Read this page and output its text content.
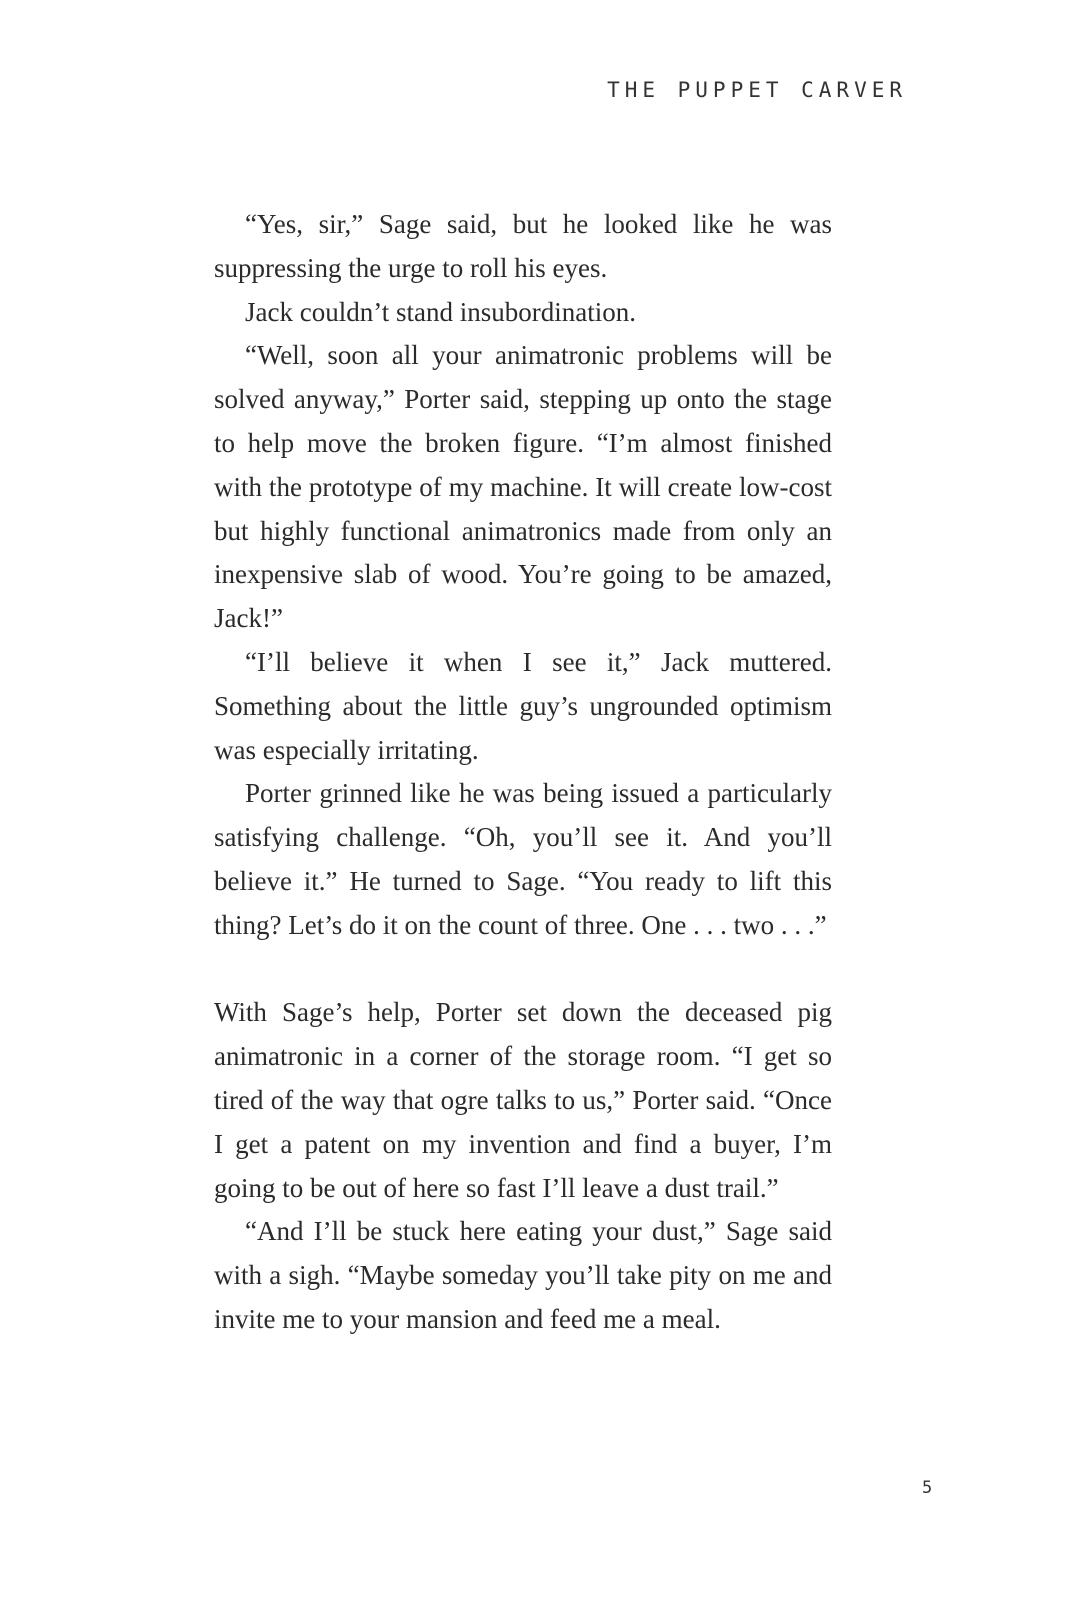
THE PUPPET CARVER

“Yes, sir,” Sage said, but he looked like he was suppressing the urge to roll his eyes.

Jack couldn’t stand insubordination.

“Well, soon all your animatronic problems will be solved anyway,” Porter said, stepping up onto the stage to help move the broken figure. “I’m almost finished with the prototype of my machine. It will create low-cost but highly functional animatronics made from only an inexpensive slab of wood. You’re going to be amazed, Jack!”

“I’ll believe it when I see it,” Jack muttered. Something about the little guy’s ungrounded optimism was especially irritating.

Porter grinned like he was being issued a particularly satisfying challenge. “Oh, you’ll see it. And you’ll believe it.” He turned to Sage. “You ready to lift this thing? Let’s do it on the count of three. One . . . two . . .”

With Sage’s help, Porter set down the deceased pig animatronic in a corner of the storage room. “I get so tired of the way that ogre talks to us,” Porter said. “Once I get a patent on my invention and find a buyer, I’m going to be out of here so fast I’ll leave a dust trail.”

“And I’ll be stuck here eating your dust,” Sage said with a sigh. “Maybe someday you’ll take pity on me and invite me to your mansion and feed me a meal.

5
